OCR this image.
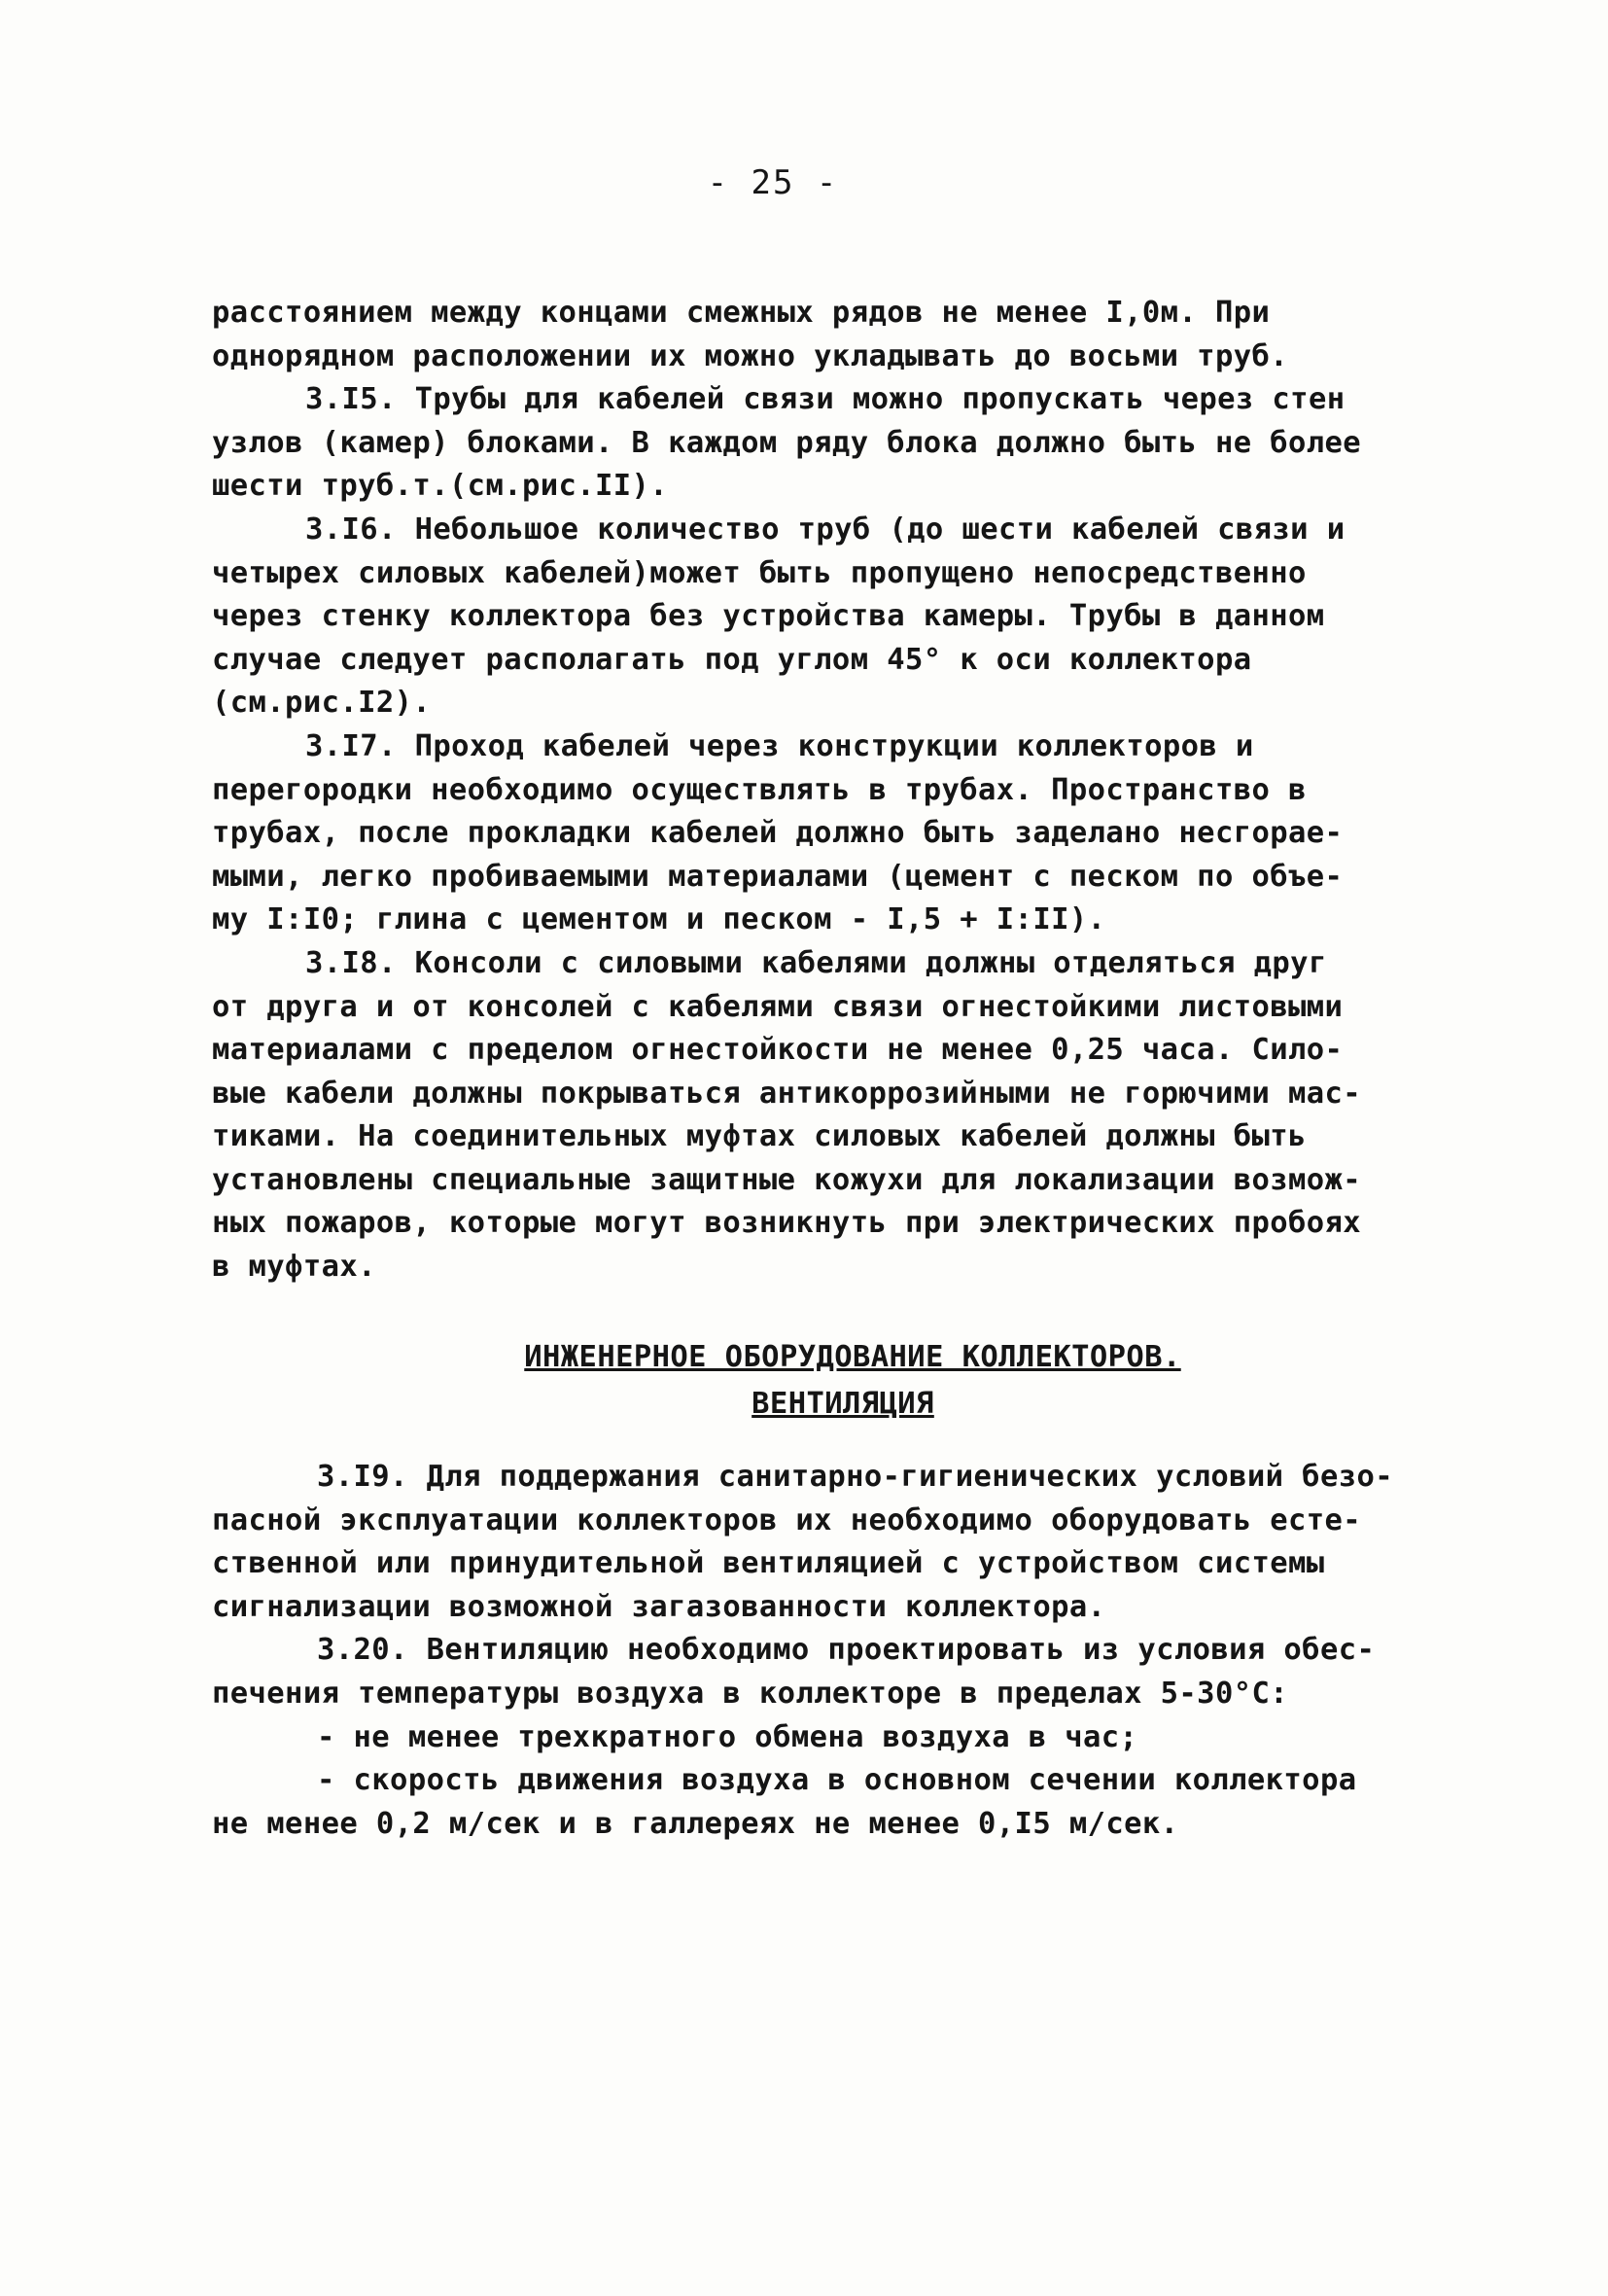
- 25 -
расстоянием между концами смежных рядов не менее I,0м. При
однорядном расположении их можно укладывать до восьми труб.
3.I5. Трубы для кабелей связи можно пропускать через стен
узлов (камер) блоками. В каждом ряду блока должно быть не более
шести труб.т.(см.рис.II).
3.I6. Небольшое количество труб (до шести кабелей связи и
четырех силовых кабелей)может быть пропущено непосредственно
через стенку коллектора без устройства камеры. Трубы в данном
случае следует располагать под углом 45° к оси коллектора
(см.рис.I2).
3.I7. Проход кабелей через конструкции коллекторов и
перегородки необходимо осуществлять в трубах. Пространство в
трубах, после прокладки кабелей должно быть заделано несгорае-
мыми, легко пробиваемыми материалами (цемент с песком по объе-
му I:I0; глина с цементом и песком - I,5 + I:II).
3.I8. Консоли с силовыми кабелями должны отделяться друг
от друга и от консолей с кабелями связи огнестойкими листовыми
материалами с пределом огнестойкости не менее 0,25 часа. Сило-
вые кабели должны покрываться антикоррозийными не горючими мас-
тиками. На соединительных муфтах силовых кабелей должны быть
установлены специальные защитные кожухи для локализации возмож-
ных пожаров, которые могут возникнуть при электрических пробоях
в муфтах.
ИНЖЕНЕРНОЕ ОБОРУДОВАНИЕ КОЛЛЕКТОРОВ.
ВЕНТИЛЯЦИЯ
3.I9. Для поддержания санитарно-гигиенических условий безо-
пасной эксплуатации коллекторов их необходимо оборудовать есте-
ственной или принудительной вентиляцией с устройством системы
сигнализации возможной загазованности коллектора.
3.20. Вентиляцию необходимо проектировать из условия обес-
печения температуры воздуха в коллекторе в пределах 5-30°С:
- не менее трехкратного обмена воздуха в час;
- скорость движения воздуха в основном сечении коллектора
не менее 0,2 м/сек и в галлереях не менее 0,I5 м/сек.
